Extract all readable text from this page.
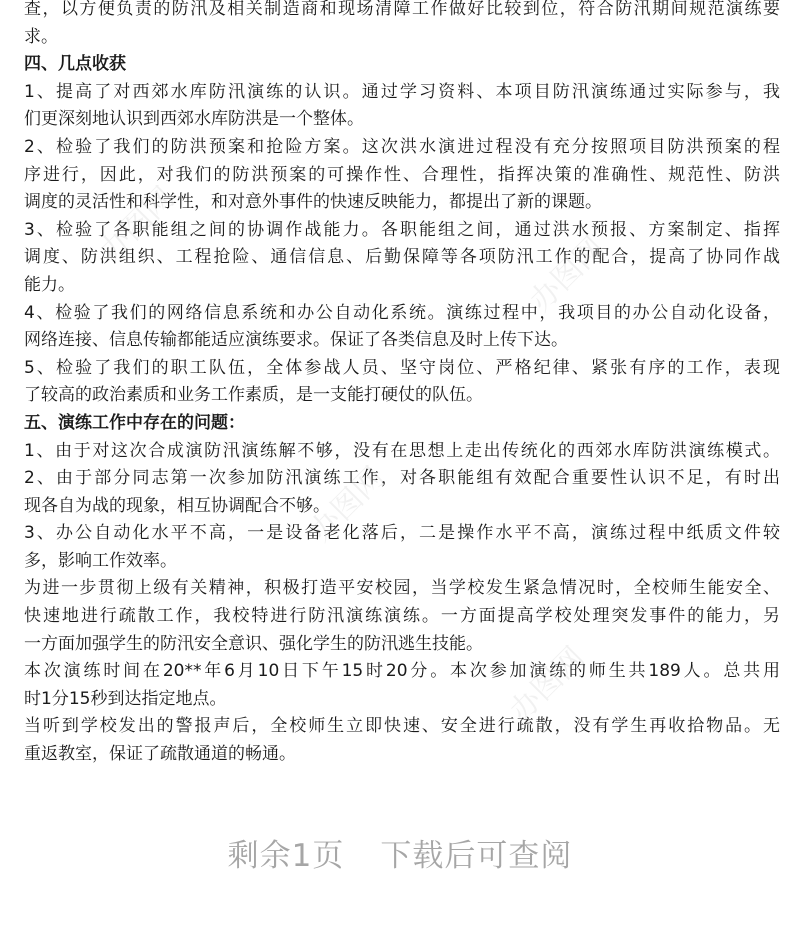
查，以方便负责的防汛及相关制造商和现场清障工作做好比较到位，符合防汛期间规范演练要
求。
四、几点收获
1、提高了对西郊水库防汛演练的认识。通过学习资料、本项目防汛演练通过实际参与，我
们更深刻地认识到西郊水库防洪是一个整体。
2、检验了我们的防洪预案和抢险方案。这次洪水演进过程没有充分按照项目防洪预案的程
序进行，因此，对我们的防洪预案的可操作性、合理性，指挥决策的准确性、规范性、防洪
调度的灵活性和科学性，和对意外事件的快速反映能力，都提出了新的课题。
3、检验了各职能组之间的协调作战能力。各职能组之间，通过洪水预报、方案制定、指挥
调度、防洪组织、工程抢险、通信信息、后勤保障等各项防汛工作的配合，提高了协同作战
能力。
4、检验了我们的网络信息系统和办公自动化系统。演练过程中，我项目的办公自动化设备，
网络连接、信息传输都能适应演练要求。保证了各类信息及时上传下达。
5、检验了我们的职工队伍，全体参战人员、坚守岗位、严格纪律、紧张有序的工作，表现
了较高的政治素质和业务工作素质，是一支能打硬仗的队伍。
五、演练工作中存在的问题：
1、由于对这次合成演防汛演练解不够，没有在思想上走出传统化的西郊水库防洪演练模式。
2、由于部分同志第一次参加防汛演练工作，对各职能组有效配合重要性认识不足，有时出
现各自为战的现象，相互协调配合不够。
3、办公自动化水平不高，一是设备老化落后，二是操作水平不高，演练过程中纸质文件较
多，影响工作效率。
为进一步贯彻上级有关精神，积极打造平安校园，当学校发生紧急情况时，全校师生能安全、
快速地进行疏散工作，我校特进行防汛演练演练。一方面提高学校处理突发事件的能力，另
一方面加强学生的防汛安全意识、强化学生的防汛逃生技能。
本次演练时间在20**年6月10日下午15时20分。本次参加演练的师生共189人。总共用
时1分15秒到达指定地点。
当听到学校发出的警报声后，全校师生立即快速、安全进行疏散，没有学生再收拾物品。无
重返教室，保证了疏散通道的畅通。
办图网
办图网
办图网
办图网
剩余1页 下载后可查阅
